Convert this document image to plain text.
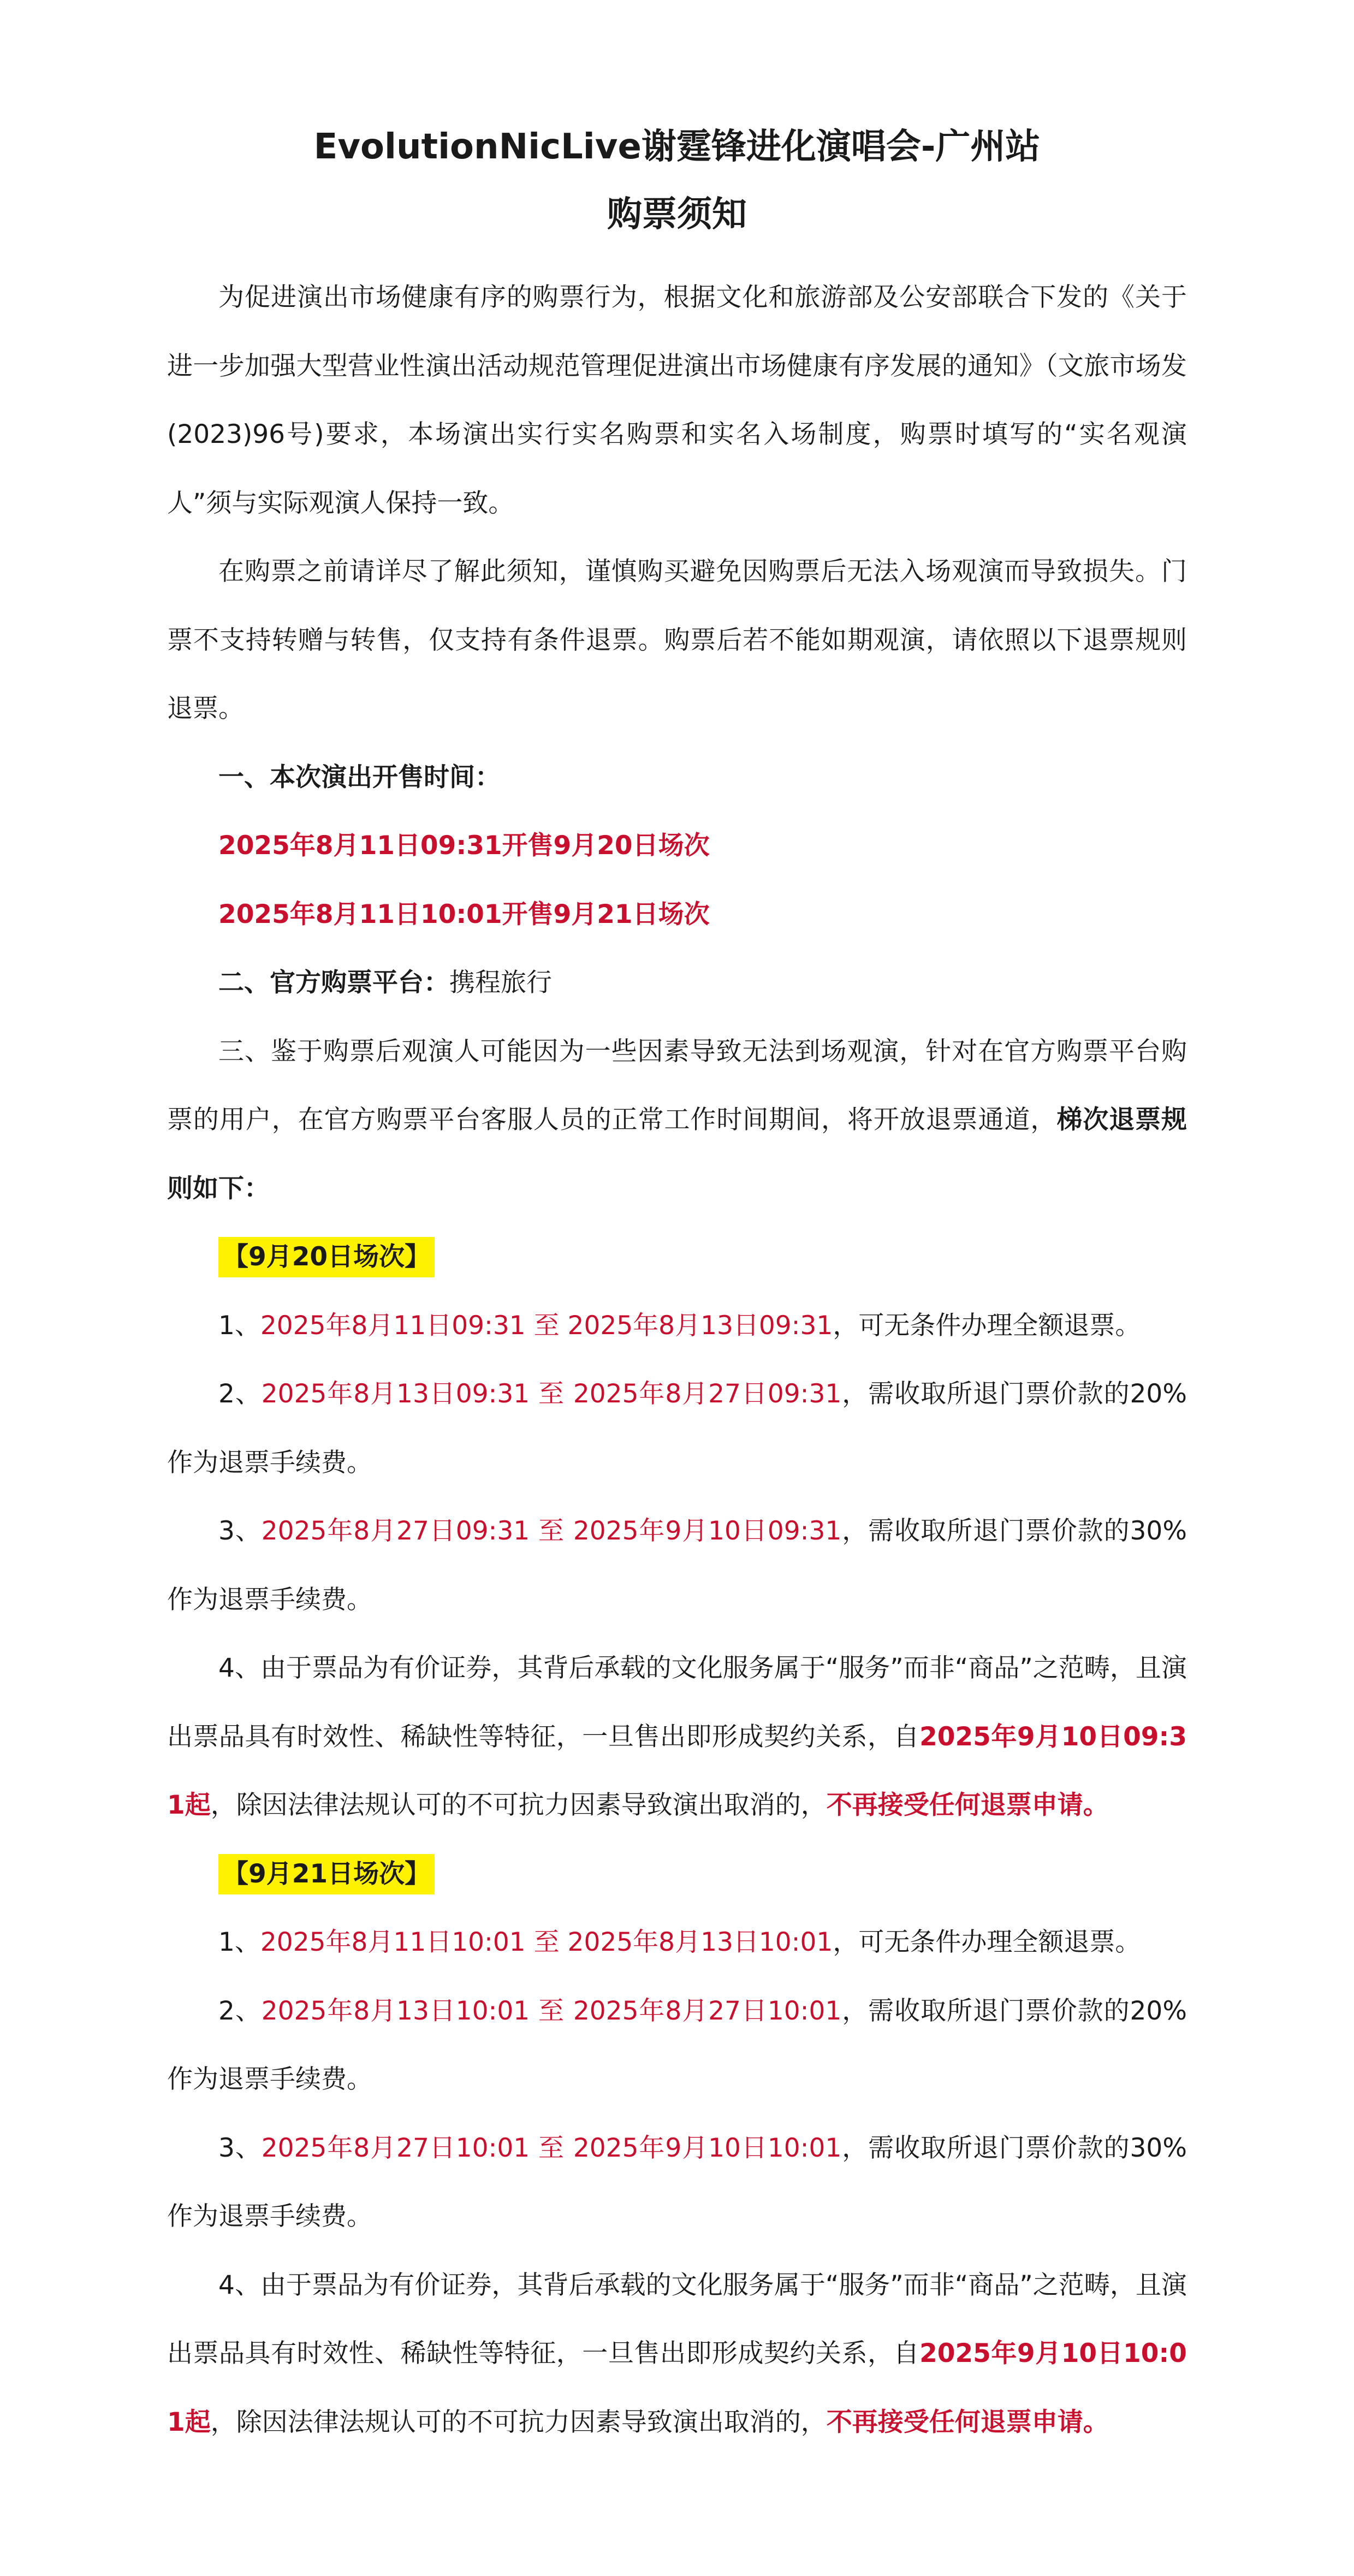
EvolutionNicLive谢霆锋进化演唱会-广州站
购票须知

为促进演出市场健康有序的购票行为，根据文化和旅游部及公安部联合下发的《关于进一步加强大型营业性演出活动规范管理促进演出市场健康有序发展的通知》（文旅市场发(2023)96号)要求，本场演出实行实名购票和实名入场制度，购票时填写的“实名观演人”须与实际观演人保持一致。

在购票之前请详尽了解此须知，谨慎购买避免因购票后无法入场观演而导致损失。门票不支持转赠与转售，仅支持有条件退票。购票后若不能如期观演，请依照以下退票规则退票。

一、本次演出开售时间：

2025年8月11日09:31开售9月20日场次

2025年8月11日10:01开售9月21日场次

二、官方购票平台：携程旅行

三、鉴于购票后观演人可能因为一些因素导致无法到场观演，针对在官方购票平台购票的用户，在官方购票平台客服人员的正常工作时间期间，将开放退票通道，梯次退票规则如下：

【9月20日场次】

1、2025年8月11日09:31 至 2025年8月13日09:31，可无条件办理全额退票。

2、2025年8月13日09:31 至 2025年8月27日09:31，需收取所退门票价款的20%作为退票手续费。

3、2025年8月27日09:31 至 2025年9月10日09:31，需收取所退门票价款的30%作为退票手续费。

4、由于票品为有价证券，其背后承载的文化服务属于“服务”而非“商品”之范畴，且演出票品具有时效性、稀缺性等特征，一旦售出即形成契约关系，自2025年9月10日09:31起，除因法律法规认可的不可抗力因素导致演出取消的，不再接受任何退票申请。

【9月21日场次】

1、2025年8月11日10:01 至 2025年8月13日10:01，可无条件办理全额退票。

2、2025年8月13日10:01 至 2025年8月27日10:01，需收取所退门票价款的20%作为退票手续费。

3、2025年8月27日10:01 至 2025年9月10日10:01，需收取所退门票价款的30%作为退票手续费。

4、由于票品为有价证券，其背后承载的文化服务属于“服务”而非“商品”之范畴，且演出票品具有时效性、稀缺性等特征，一旦售出即形成契约关系，自2025年9月10日10:01起，除因法律法规认可的不可抗力因素导致演出取消的，不再接受任何退票申请。
